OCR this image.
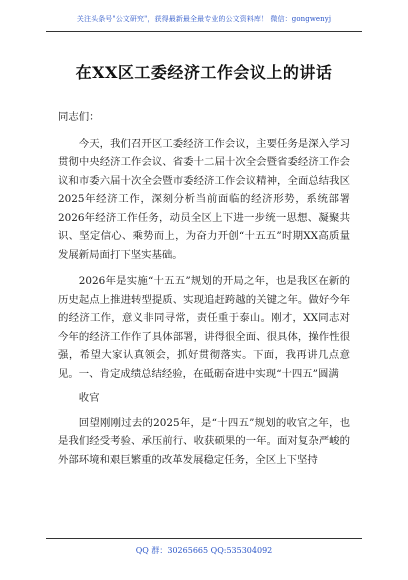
关注头条号"公文研究"，获得最新最全最专业的公文资料库！ 微信：gongwenyj
在XX区工委经济工作会议上的讲话

同志们：

今天，我们召开区工委经济工作会议，主要任务是深入学习贯彻中央经济工作会议、省委十二届十次全会暨省委经济工作会议和市委六届十次全会暨市委经济工作会议精神，全面总结我区2025年经济工作，深刻分析当前面临的经济形势，系统部署2026年经济工作任务，动员全区上下进一步统一思想、凝聚共识、坚定信心、乘势而上，为奋力开创“十五五”时期XX高质量发展新局面打下坚实基础。

2026年是实施“十五五”规划的开局之年，也是我区在新的历史起点上推进转型提质、实现追赶跨越的关键之年。做好今年的经济工作，意义非同寻常，责任重于泰山。刚才，XX同志对今年的经济工作作了具体部署，讲得很全面、很具体，操作性很强，希望大家认真领会，抓好贯彻落实。下面，我再讲几点意见。一、肯定成绩总结经验，在砥砺奋进中实现“十四五”圆满

收官

回望刚刚过去的2025年，是“十四五”规划的收官之年，也是我们经受考验、承压前行、收获硕果的一年。面对复杂严峻的外部环境和艰巨繁重的改革发展稳定任务，全区上下坚持

QQ 群：30265665 QQ:535304092
